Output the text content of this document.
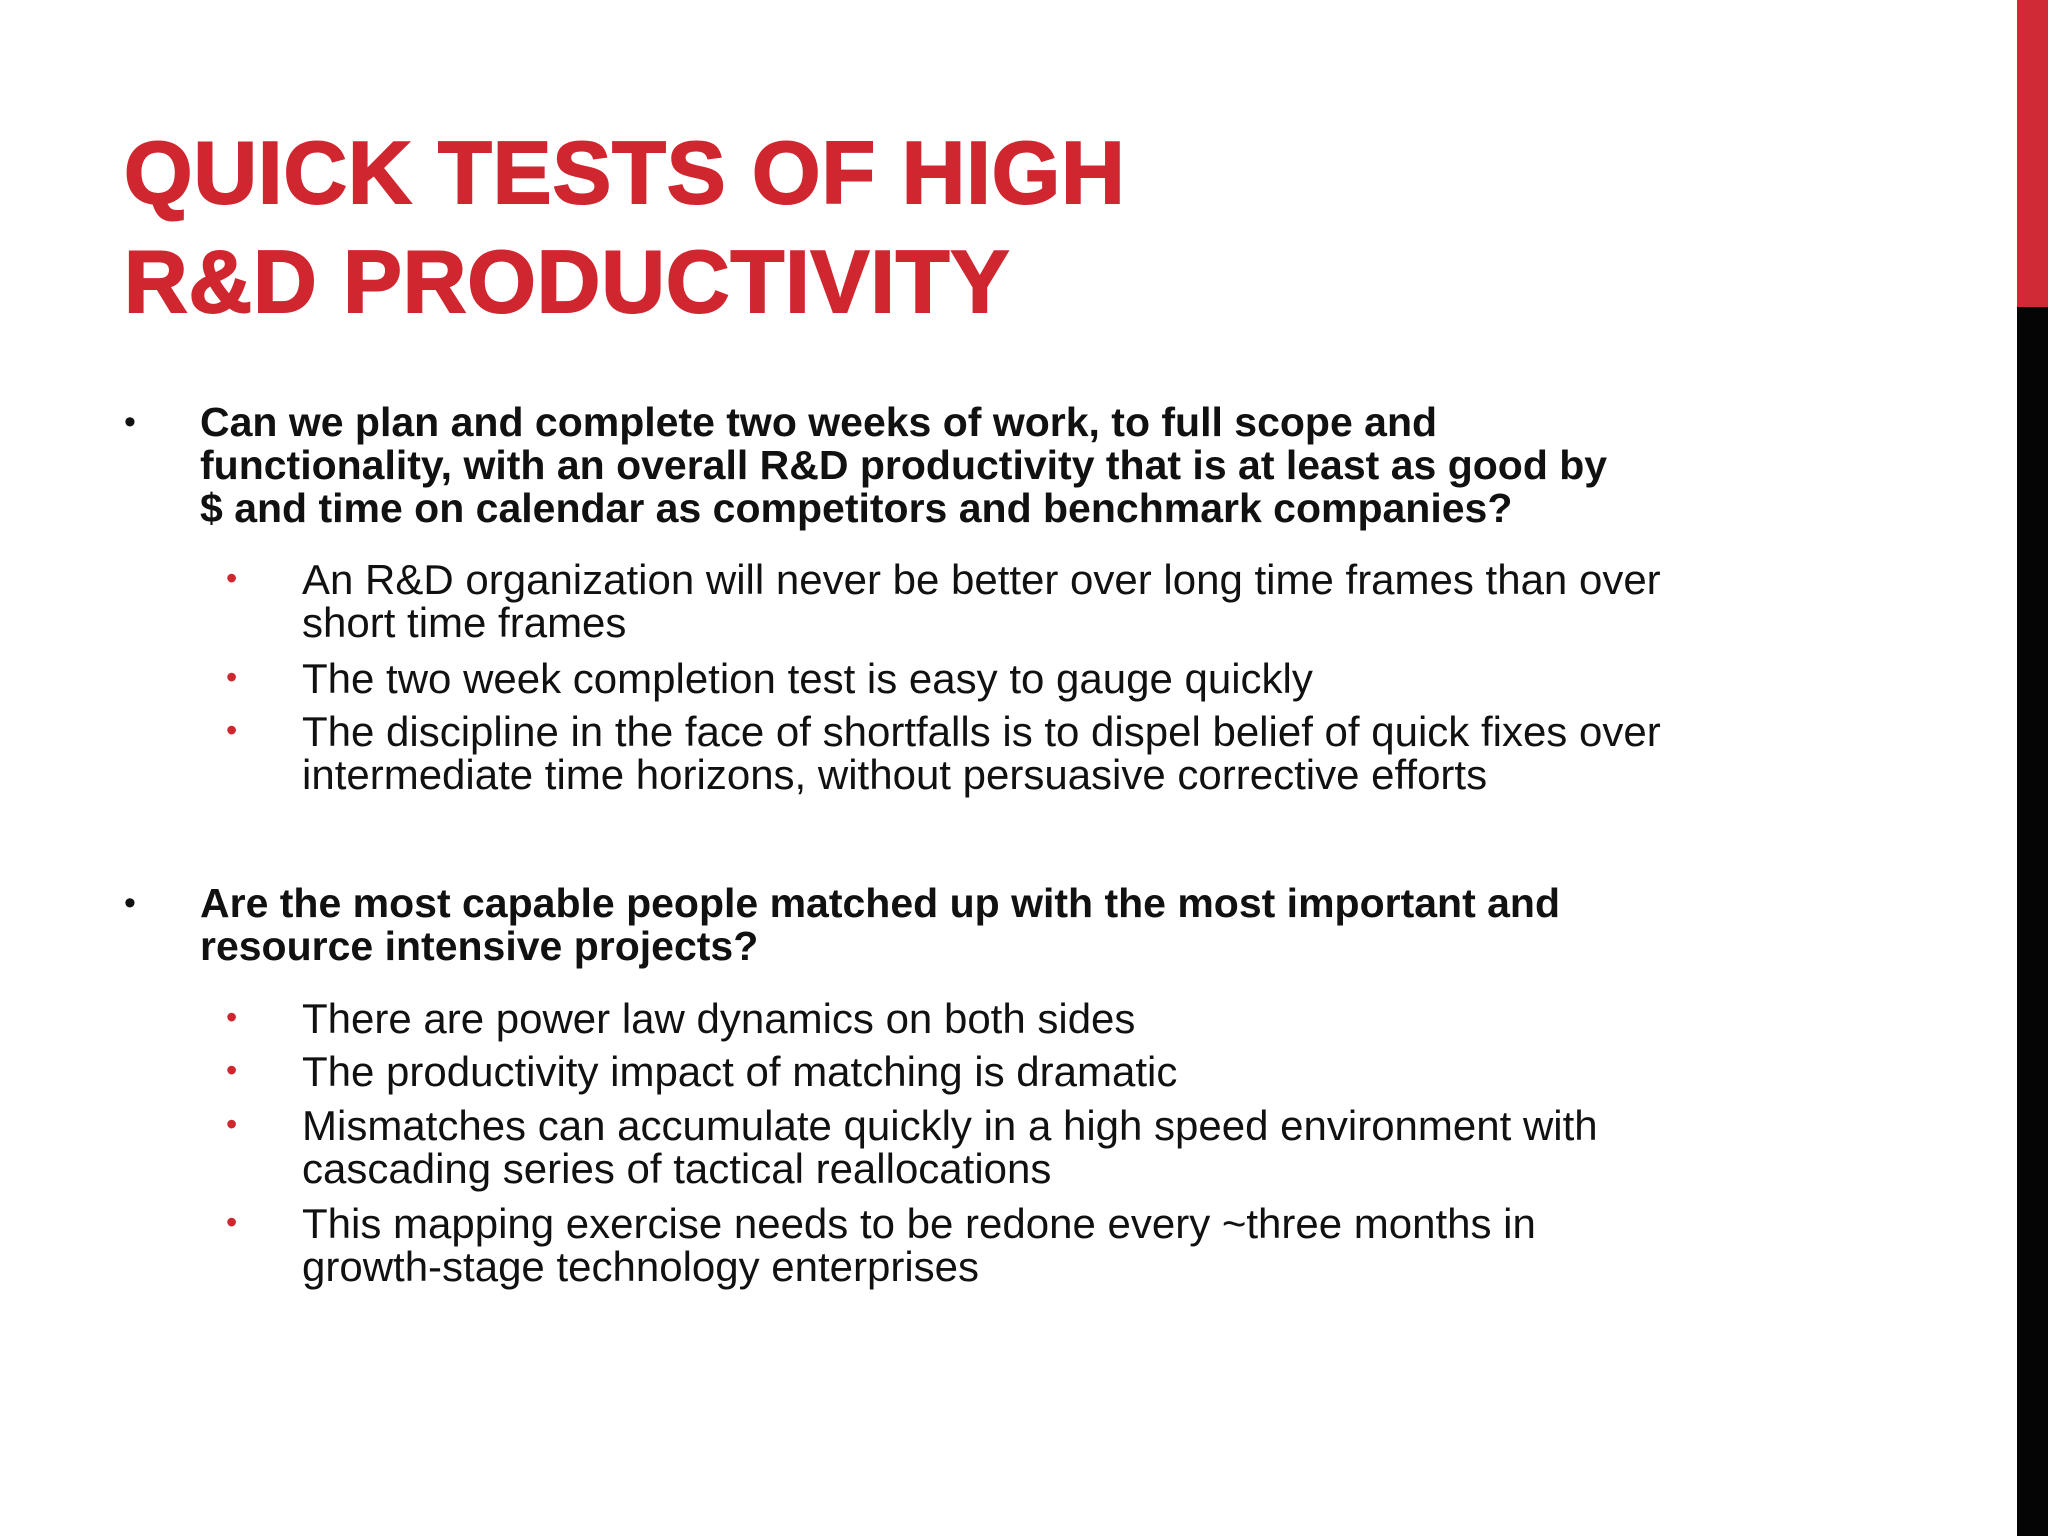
QUICK TESTS OF HIGH
R&D PRODUCTIVITY
• Can we plan and complete two weeks of work, to full scope and
functionality, with an overall R&D productivity that is at least as good by
$ and time on calendar as competitors and benchmark companies?
• An R&D organization will never be better over long time frames than over
short time frames
• The two week completion test is easy to gauge quickly
• The discipline in the face of shortfalls is to dispel belief of quick fixes over
intermediate time horizons, without persuasive corrective efforts
• Are the most capable people matched up with the most important and
resource intensive projects?
• There are power law dynamics on both sides
• The productivity impact of matching is dramatic
• Mismatches can accumulate quickly in a high speed environment with
cascading series of tactical reallocations
• This mapping exercise needs to be redone every ~three months in
growth-stage technology enterprises
